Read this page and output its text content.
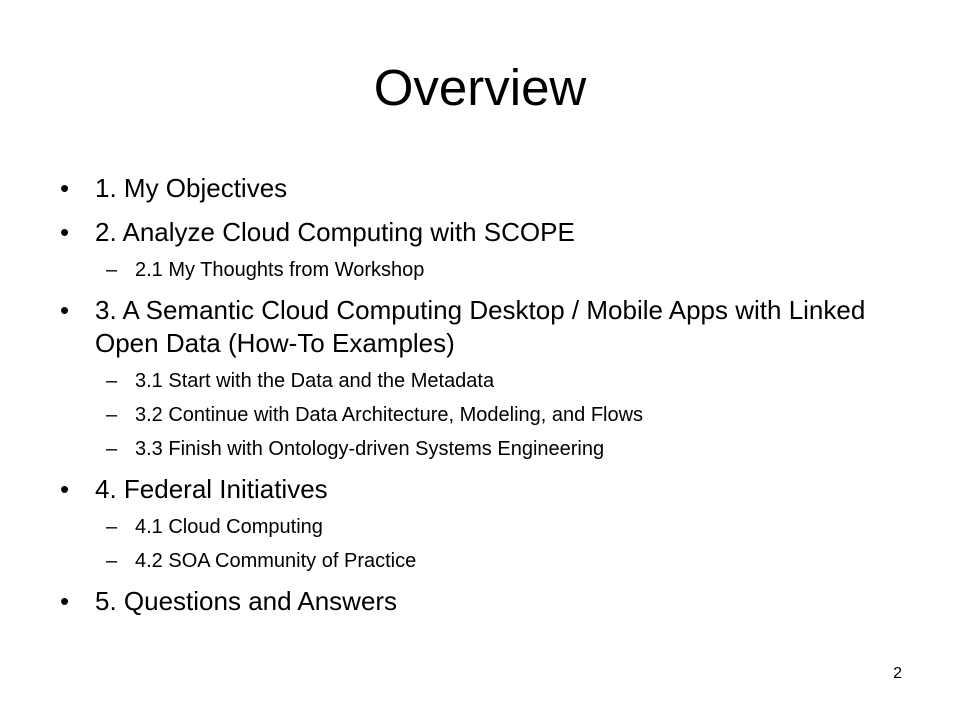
Overview
• 1. My Objectives
• 2. Analyze Cloud Computing with SCOPE
– 2.1 My Thoughts from Workshop
• 3. A Semantic Cloud Computing Desktop / Mobile Apps with Linked Open Data (How-To Examples)
– 3.1 Start with the Data and the Metadata
– 3.2 Continue with Data Architecture, Modeling, and Flows
– 3.3 Finish with Ontology-driven Systems Engineering
• 4. Federal Initiatives
– 4.1 Cloud Computing
– 4.2 SOA Community of Practice
• 5. Questions and Answers
2
